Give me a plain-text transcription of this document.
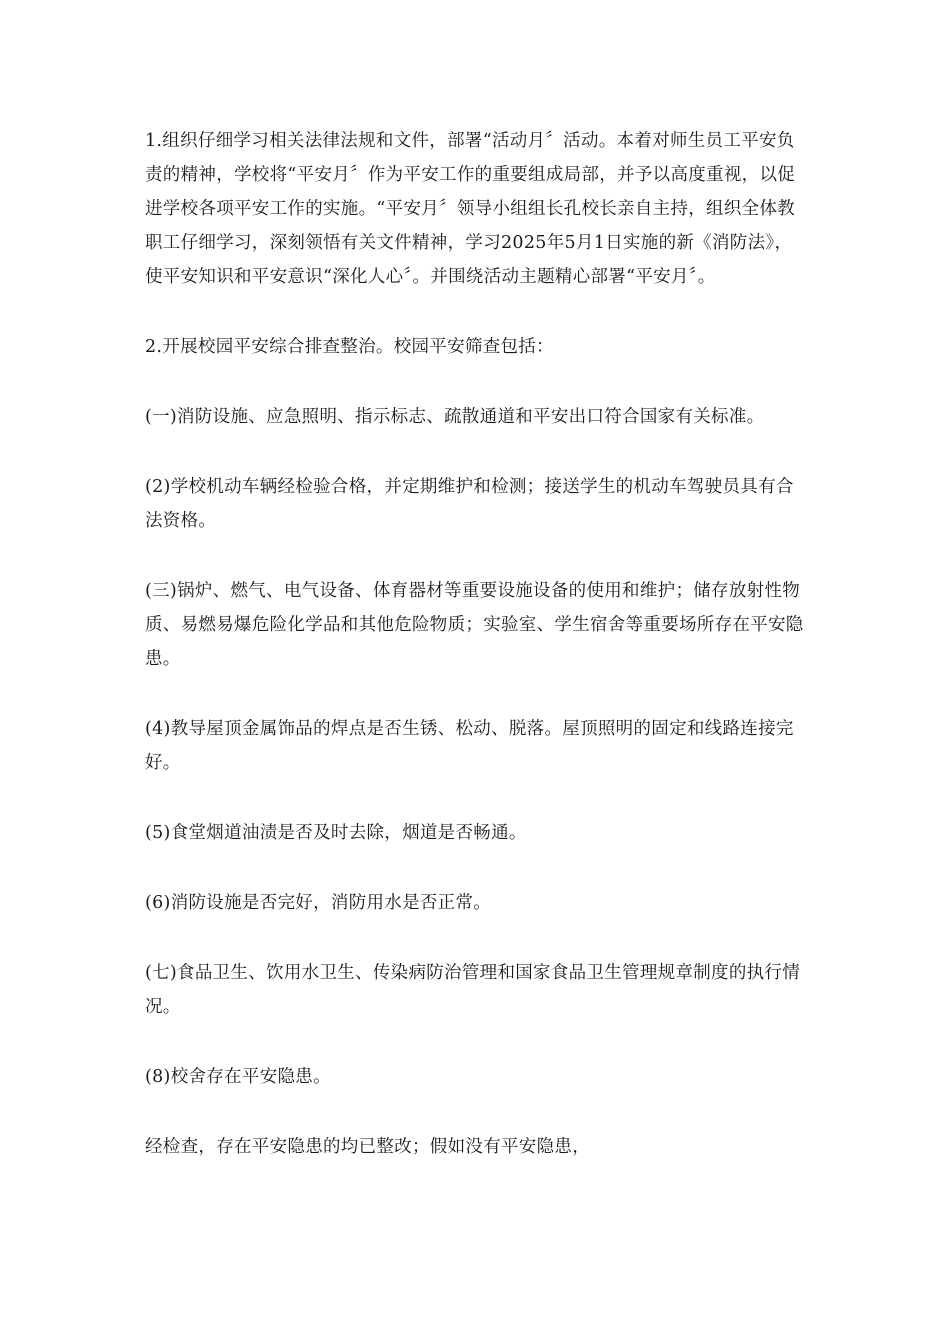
1.组织仔细学习相关法律法规和文件，部署“活动月〞活动。本着对师生员工平安负责的精神，学校将“平安月〞作为平安工作的重要组成局部，并予以高度重视，以促进学校各项平安工作的实施。“平安月〞领导小组组长孔校长亲自主持，组织全体教职工仔细学习，深刻领悟有关文件精神，学习2025年5月1日实施的新《消防法》，使平安知识和平安意识“深化人心〞。并围绕活动主题精心部署“平安月〞。

2.开展校园平安综合排查整治。校园平安筛查包括：

(一)消防设施、应急照明、指示标志、疏散通道和平安出口符合国家有关标准。

(2)学校机动车辆经检验合格，并定期维护和检测；接送学生的机动车驾驶员具有合法资格。

(三)锅炉、燃气、电气设备、体育器材等重要设施设备的使用和维护；储存放射性物质、易燃易爆危险化学品和其他危险物质；实验室、学生宿舍等重要场所存在平安隐患。

(4)教导屋顶金属饰品的焊点是否生锈、松动、脱落。屋顶照明的固定和线路连接完好。

(5)食堂烟道油渍是否及时去除，烟道是否畅通。

(6)消防设施是否完好，消防用水是否正常。

(七)食品卫生、饮用水卫生、传染病防治管理和国家食品卫生管理规章制度的执行情况。

(8)校舍存在平安隐患。

经检查，存在平安隐患的均已整改；假如没有平安隐患，
